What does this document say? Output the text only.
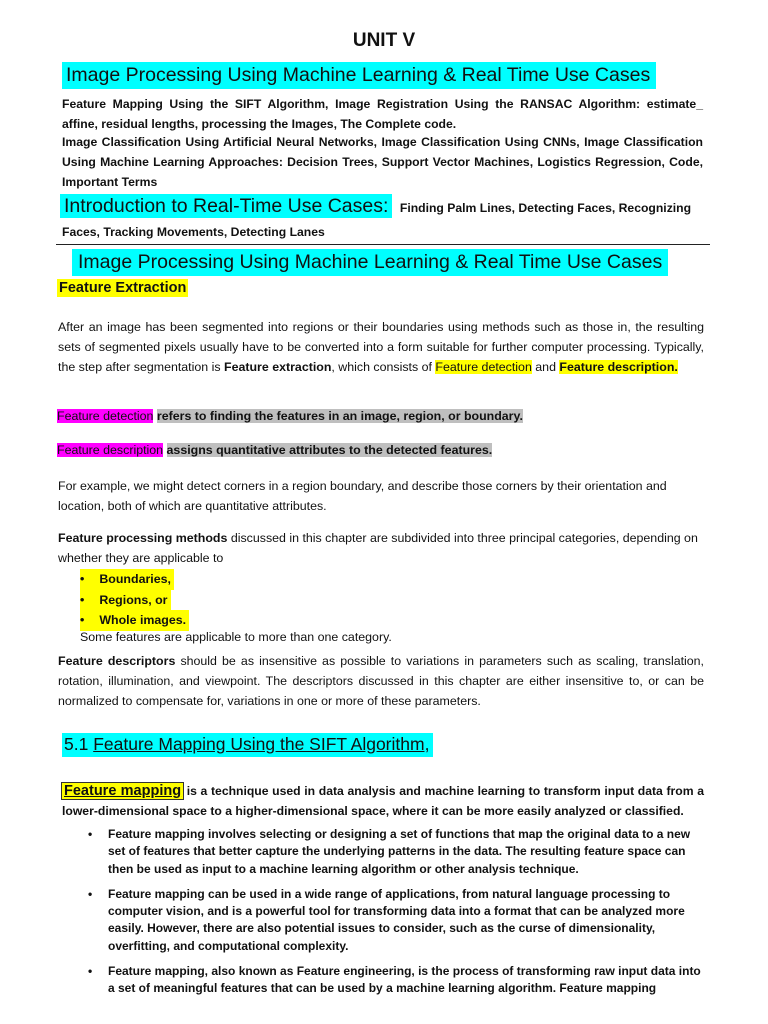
UNIT V
Image Processing Using Machine Learning & Real Time Use Cases

Feature Mapping Using the SIFT Algorithm, Image Registration Using the RANSAC Algorithm: estimate_ affine, residual lengths, processing the Images, The Complete code.

Image Classification Using Artificial Neural Networks, Image Classification Using CNNs, Image Classification Using Machine Learning Approaches: Decision Trees, Support Vector Machines, Logistics Regression, Code, Important Terms

Introduction to Real-Time Use Cases: Finding Palm Lines, Detecting Faces, Recognizing
Faces, Tracking Movements, Detecting Lanes
Image Processing Using Machine Learning & Real Time Use Cases
Feature Extraction

After an image has been segmented into regions or their boundaries using methods such as those in, the resulting sets of segmented pixels usually have to be converted into a form suitable for further computer processing. Typically, the step after segmentation is Feature extraction, which consists of Feature detection and Feature description.

Feature detection refers to finding the features in an image, region, or boundary.
Feature description assigns quantitative attributes to the detected features.

For example, we might detect corners in a region boundary, and describe those corners by their orientation and location, both of which are quantitative attributes.

Feature processing methods discussed in this chapter are subdivided into three principal categories, depending on whether they are applicable to

• Boundaries,
• Regions, or
• Whole images.
Some features are applicable to more than one category.

Feature descriptors should be as insensitive as possible to variations in parameters such as scaling, translation, rotation, illumination, and viewpoint. The descriptors discussed in this chapter are either insensitive to, or can be normalized to compensate for, variations in one or more of these parameters.

5.1 Feature Mapping Using the SIFT Algorithm,

Feature mapping is a technique used in data analysis and machine learning to transform input data from a lower-dimensional space to a higher-dimensional space, where it can be more easily analyzed or classified.

• Feature mapping involves selecting or designing a set of functions that map the original data to a new set of features that better capture the underlying patterns in the data. The resulting feature space can then be used as input to a machine learning algorithm or other analysis technique.
• Feature mapping can be used in a wide range of applications, from natural language processing to computer vision, and is a powerful tool for transforming data into a format that can be analyzed more easily. However, there are also potential issues to consider, such as the curse of dimensionality, overfitting, and computational complexity.
• Feature mapping, also known as Feature engineering, is the process of transforming raw input data into a set of meaningful features that can be used by a machine learning algorithm. Feature mapping
